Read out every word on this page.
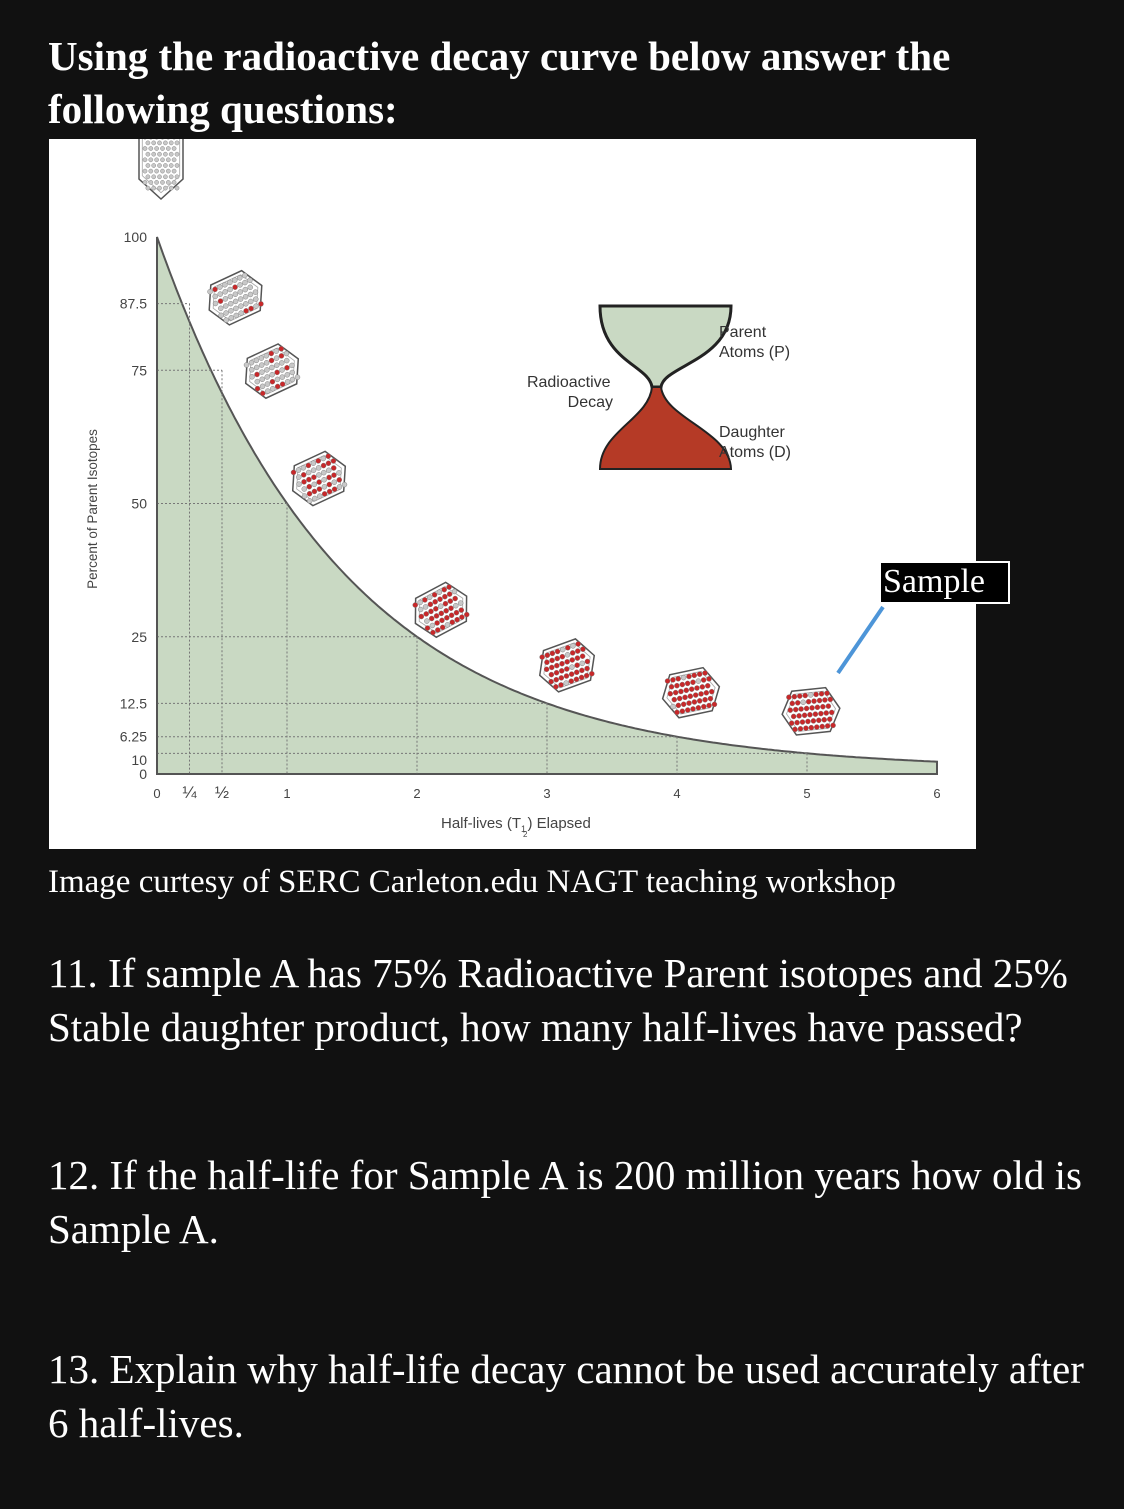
Using the radioactive decay curve below answer the following questions:
0
10
6.25
12.5
25
50
75
87.5
100
0 ¼ ½	1	2	3	4	5	6
Percent of Parent Isotopes
Half-lives ($T_1$ 2) Elapsed
Radioactive Decay
Parent Atoms (P)
Daughter Atoms (D)
Sample

Image curtesy of SERC Carleton.edu NAGT teaching workshop

11. If sample A has 75% Radioactive Parent isotopes and 25% Stable daughter product, how many half-lives have passed?

12. If the half-life for Sample A is 200 million years how old is Sample A.

13. Explain why half-life decay cannot be used accurately after 6 half-lives.
